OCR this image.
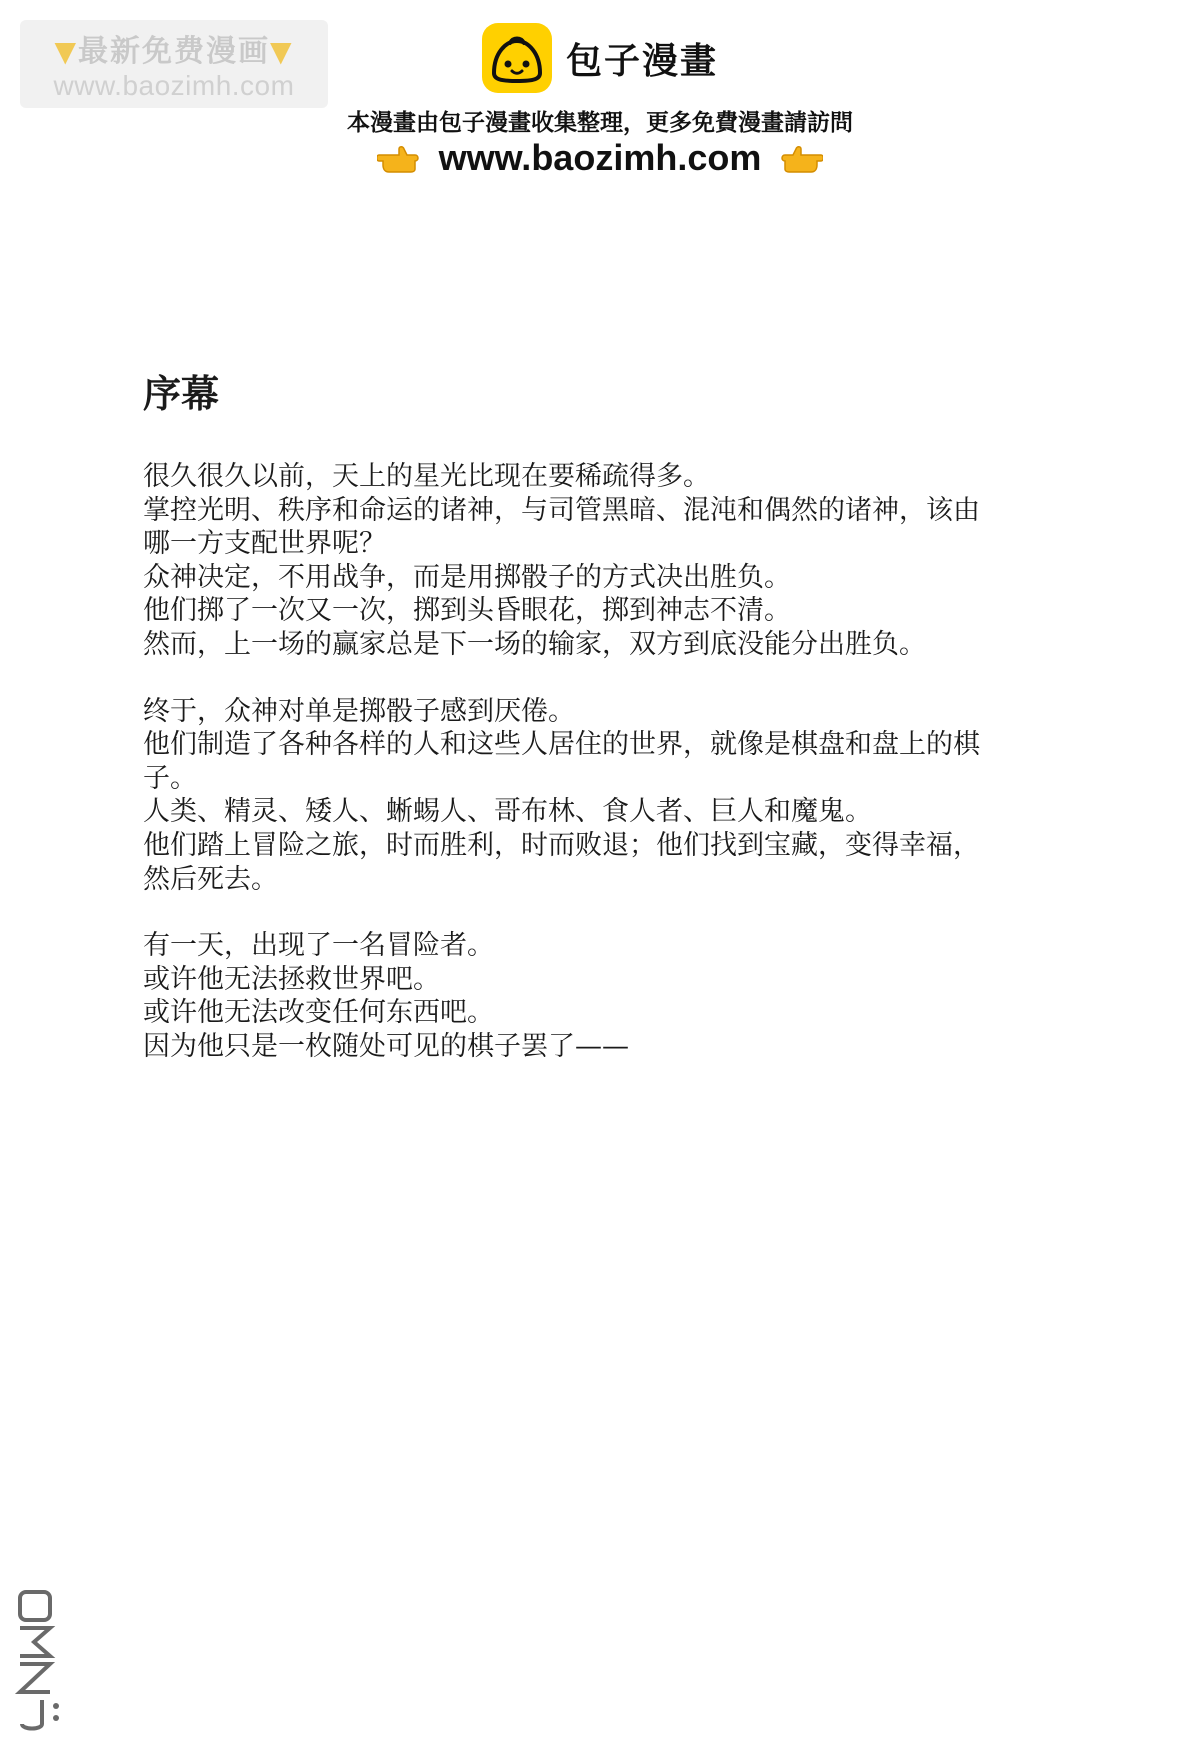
▼最新免费漫画▼
www.baozimh.com
包子漫畫
本漫畫由包子漫畫收集整理，更多免費漫畫請訪問
www.baozimh.com
序幕
很久很久以前，天上的星光比现在要稀疏得多。
掌控光明、秩序和命运的诸神，与司管黑暗、混沌和偶然的诸神，该由
哪一方支配世界呢？
众神决定，不用战争，而是用掷骰子的方式决出胜负。
他们掷了一次又一次，掷到头昏眼花，掷到神志不清。
然而，上一场的赢家总是下一场的输家，双方到底没能分出胜负。
终于，众神对单是掷骰子感到厌倦。
他们制造了各种各样的人和这些人居住的世界，就像是棋盘和盘上的棋
子。
人类、精灵、矮人、蜥蜴人、哥布林、食人者、巨人和魔鬼。
他们踏上冒险之旅，时而胜利，时而败退；他们找到宝藏，变得幸福，
然后死去。
有一天，出现了一名冒险者。
或许他无法拯救世界吧。
或许他无法改变任何东西吧。
因为他只是一枚随处可见的棋子罢了——
